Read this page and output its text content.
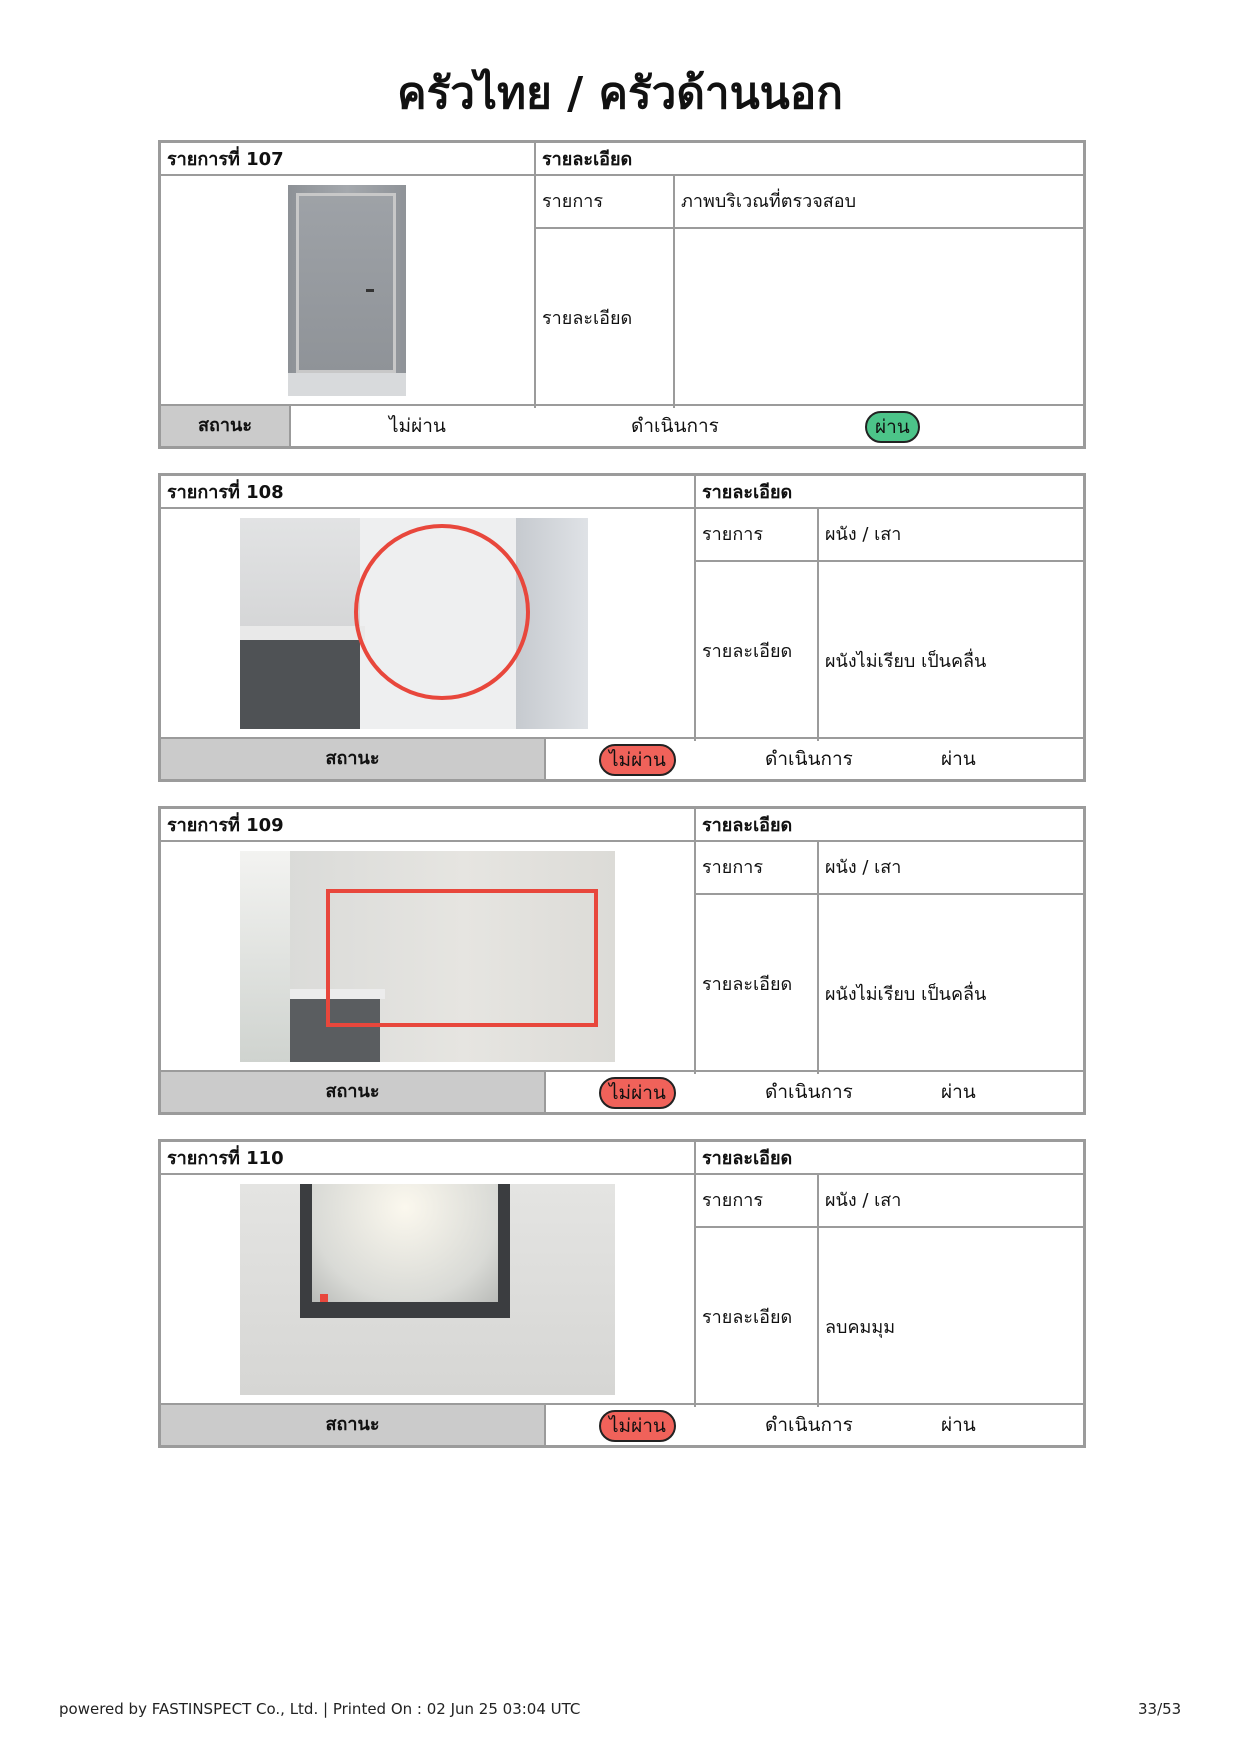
ครัวไทย / ครัวด้านนอก
รายการที่ 107	รายละเอียด
รายการ	ภาพบริเวณที่ตรวจสอบ
รายละเอียด
สถานะ	ไม่ผ่าน	ดำเนินการ	ผ่าน
รายการที่ 108	รายละเอียด
รายการ	ผนัง / เสา
รายละเอียด	ผนังไม่เรียบ เป็นคลื่น
สถานะ	ไม่ผ่าน	ดำเนินการ	ผ่าน
รายการที่ 109	รายละเอียด
รายการ	ผนัง / เสา
รายละเอียด	ผนังไม่เรียบ เป็นคลื่น
สถานะ	ไม่ผ่าน	ดำเนินการ	ผ่าน
รายการที่ 110	รายละเอียด
รายการ	ผนัง / เสา
รายละเอียด	ลบคมมุม
สถานะ	ไม่ผ่าน	ดำเนินการ	ผ่าน
powered by FASTINSPECT Co., Ltd. | Printed On : 02 Jun 25 03:04 UTC	33/53
